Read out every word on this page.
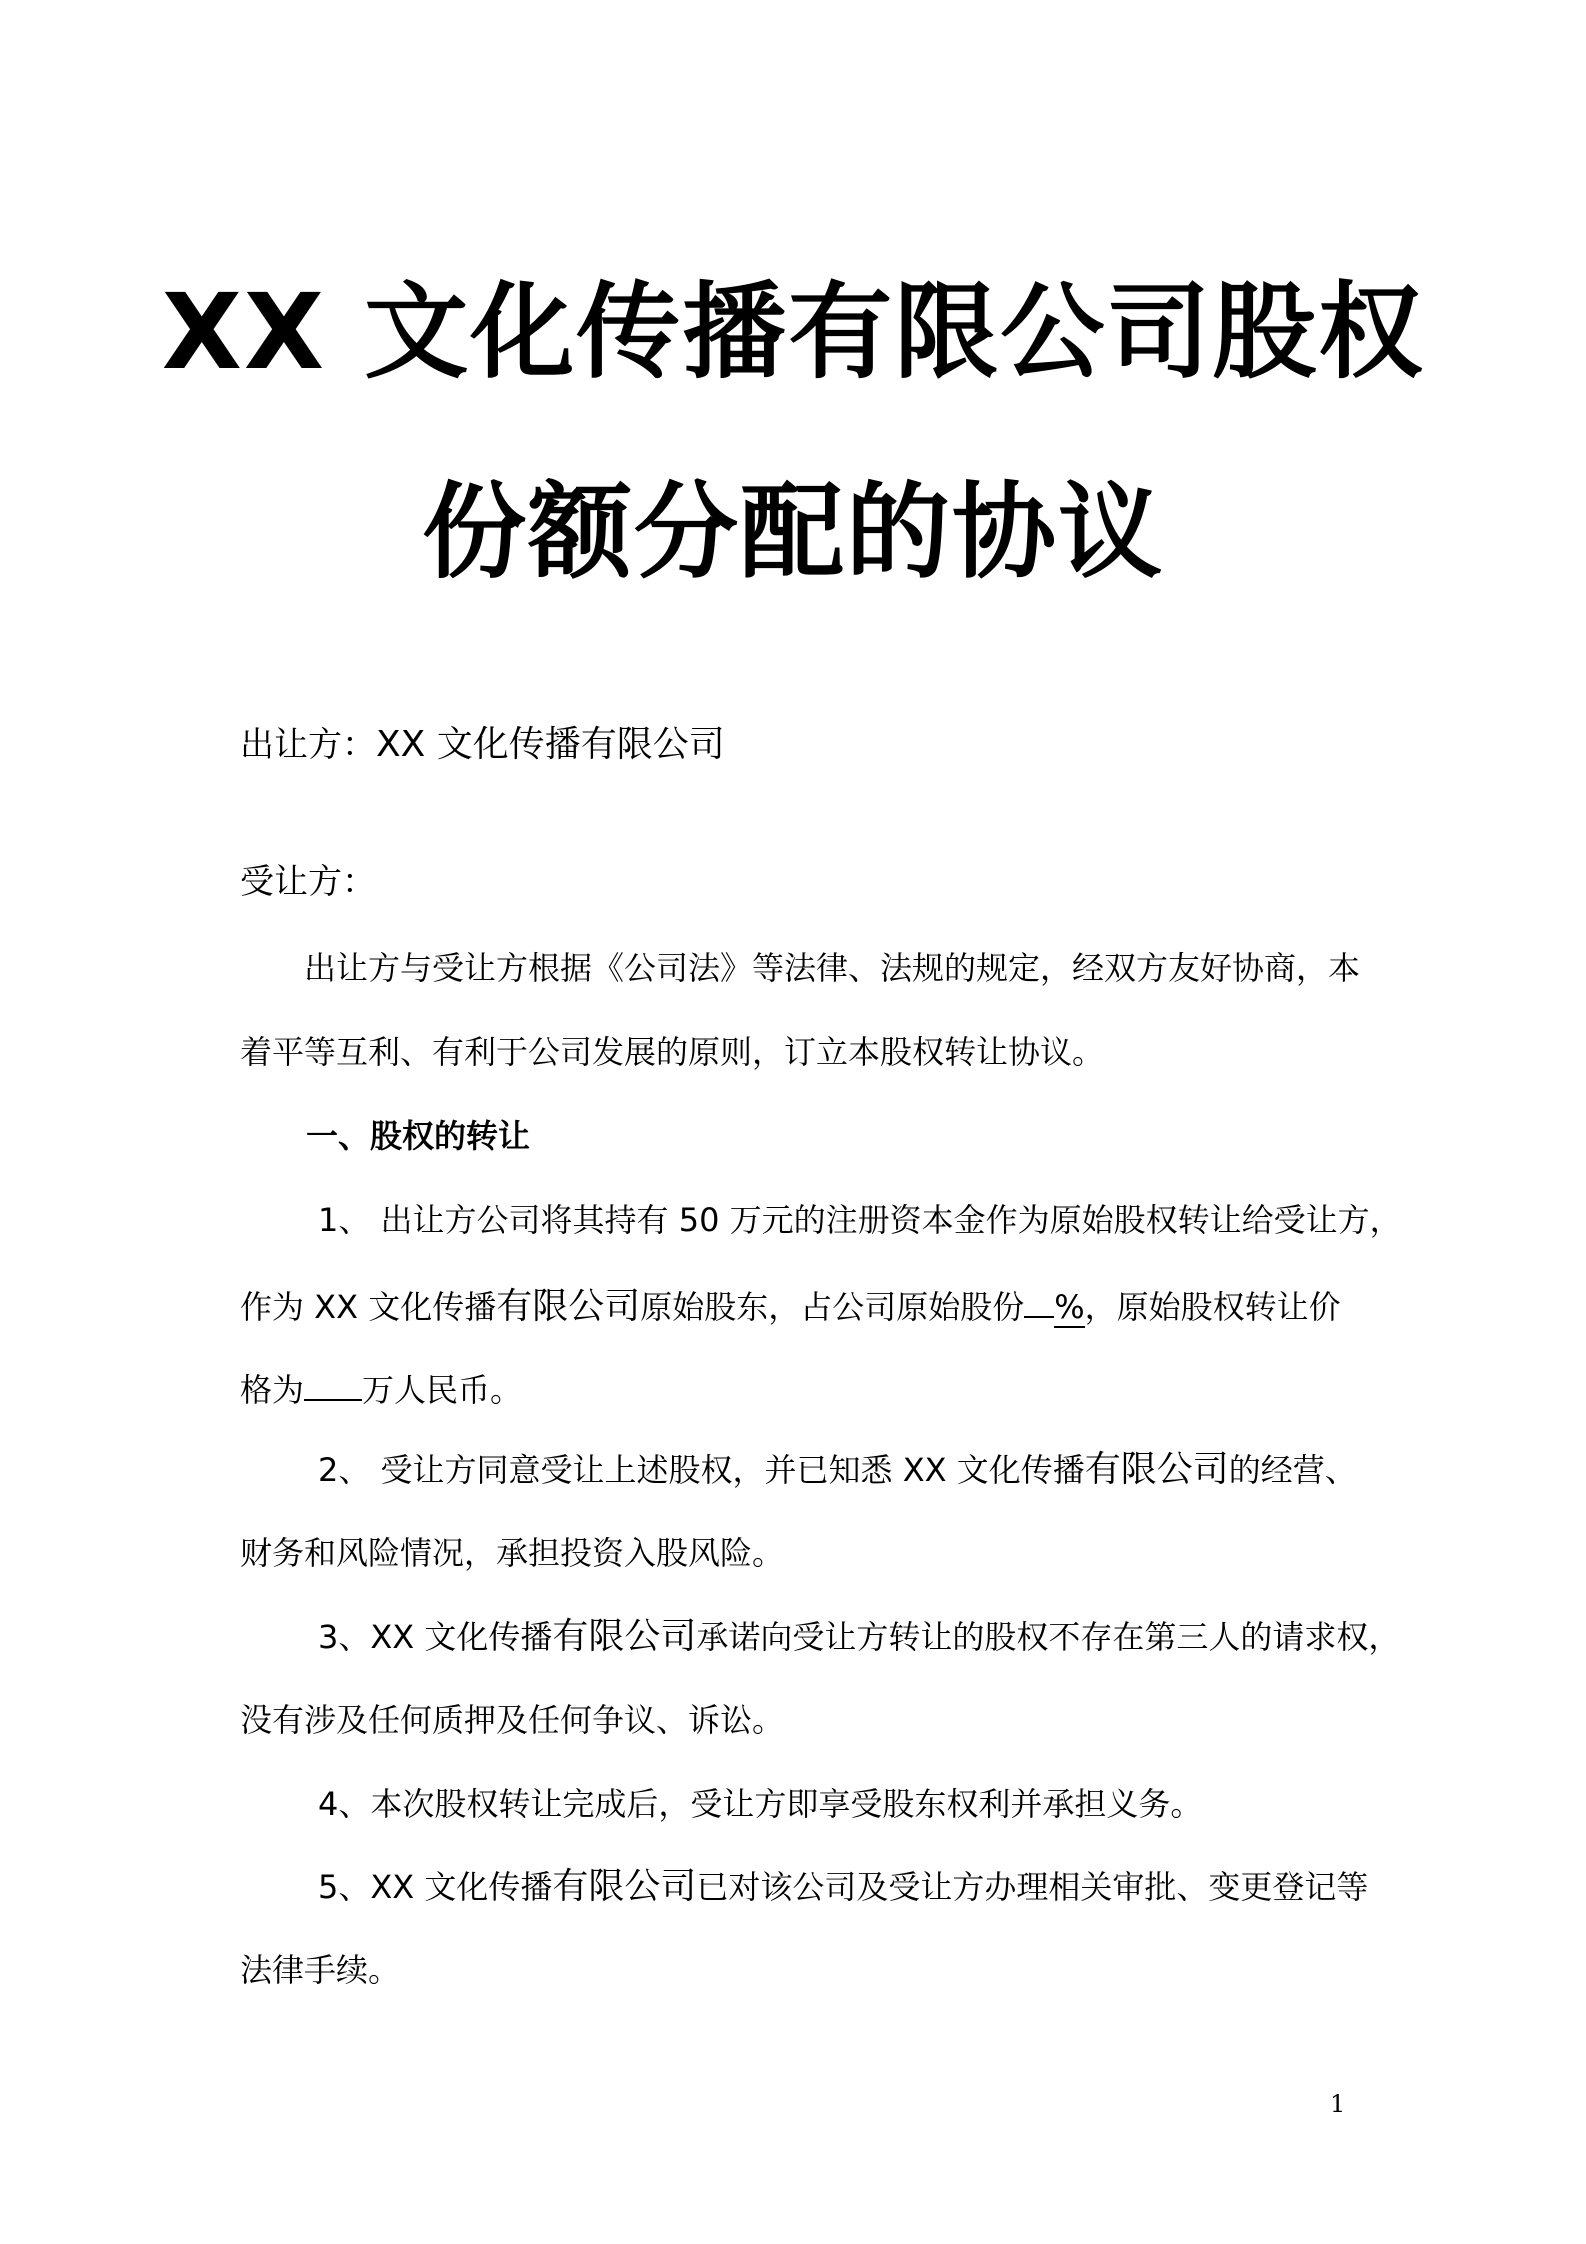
XX 文化传播有限公司股权
份额分配的协议
出让方：XX 文化传播有限公司
受让方：
出让方与受让方根据《公司法》等法律、法规的规定，经双方友好协商，本
着平等互利、有利于公司发展的原则，订立本股权转让协议。
一、股权的转让
1、 出让方公司将其持有 50 万元的注册资本金作为原始股权转让给受让方，
作为 XX 文化传播有限公司原始股东，占公司原始股份 %，原始股权转让价
格为 万人民币。
2、 受让方同意受让上述股权，并已知悉 XX 文化传播有限公司的经营、
财务和风险情况，承担投资入股风险。
3、XX 文化传播有限公司承诺向受让方转让的股权不存在第三人的请求权，
没有涉及任何质押及任何争议、诉讼。
4、本次股权转让完成后，受让方即享受股东权利并承担义务。
5、XX 文化传播有限公司已对该公司及受让方办理相关审批、变更登记等
法律手续。
1
